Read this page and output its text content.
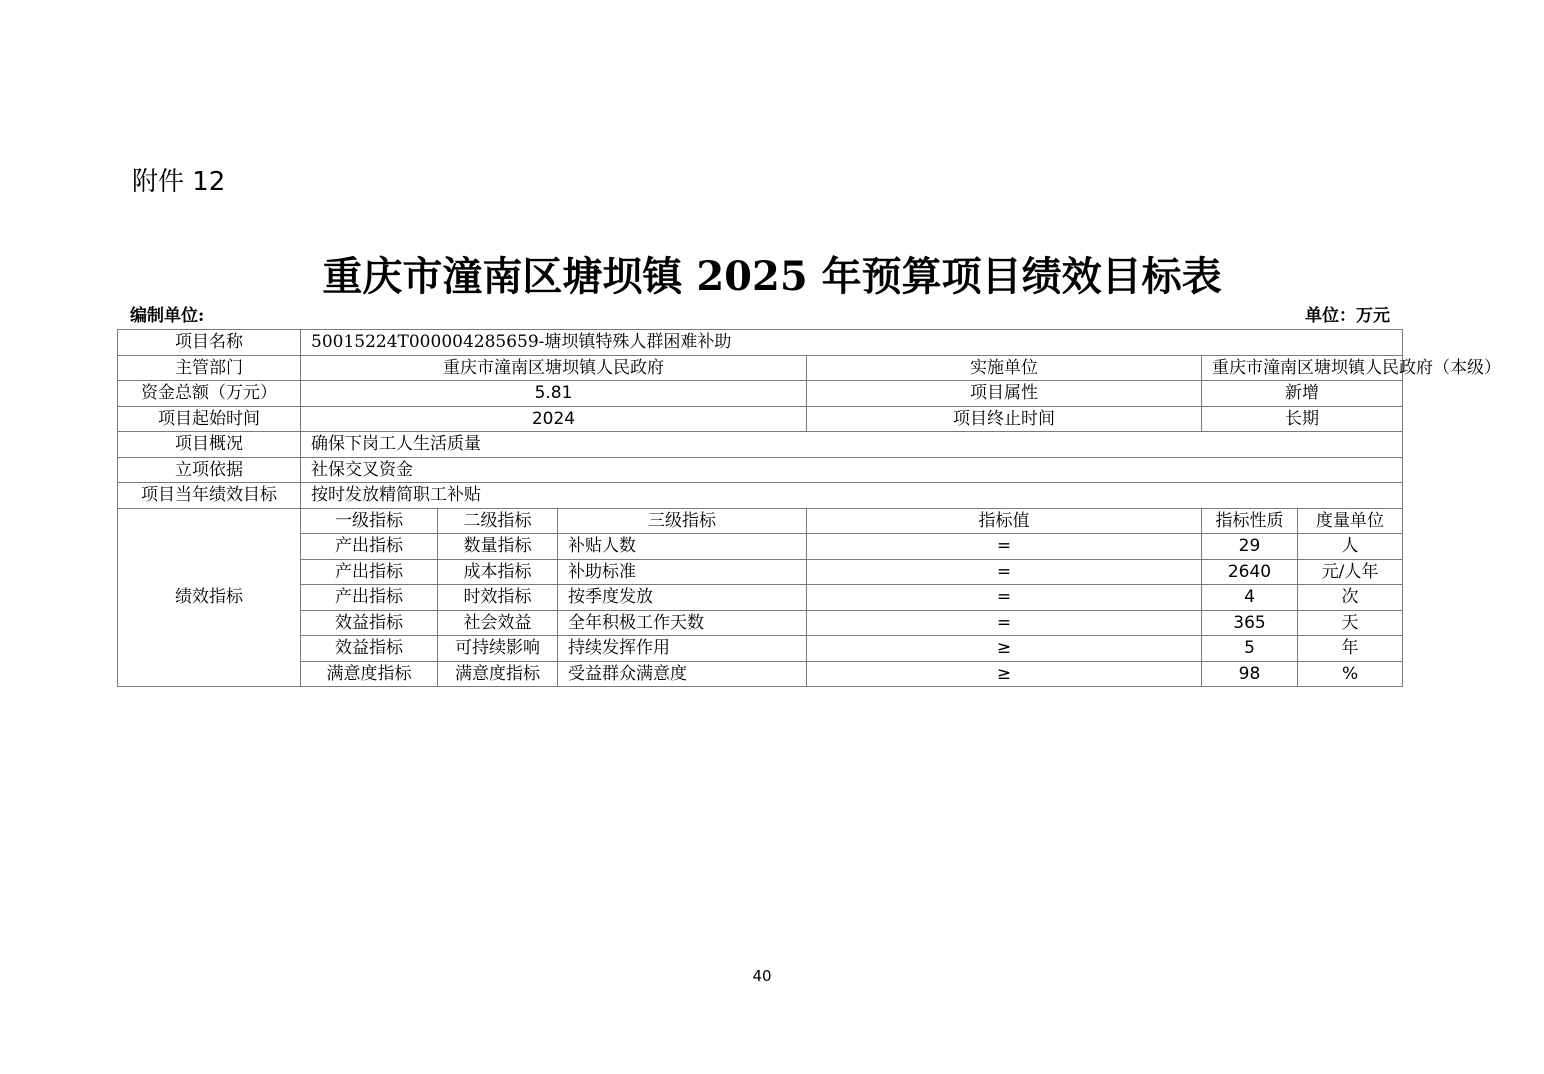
附件 12
重庆市潼南区塘坝镇 2025 年预算项目绩效目标表
编制单位:	单位：万元
项目名称	50015224T000004285659-塘坝镇特殊人群困难补助					
主管部门	重庆市潼南区塘坝镇人民政府			实施单位	重庆市潼南区塘坝镇人民政府（本级）	
资金总额（万元）	5.81			项目属性	新增	
项目起始时间	2024			项目终止时间	长期	
项目概况	确保下岗工人生活质量					
立项依据	社保交叉资金					
项目当年绩效目标	按时发放精简职工补贴					
绩效指标	一级指标	二级指标	三级指标	指标值	指标性质	度量单位
	产出指标	数量指标	补贴人数	=	29	人
	产出指标	成本指标	补助标准	=	2640	元/人年
	产出指标	时效指标	按季度发放	=	4	次
	效益指标	社会效益	全年积极工作天数	=	365	天
	效益指标	可持续影响	持续发挥作用	≥	5	年
	满意度指标	满意度指标	受益群众满意度	≥	98	%
40
